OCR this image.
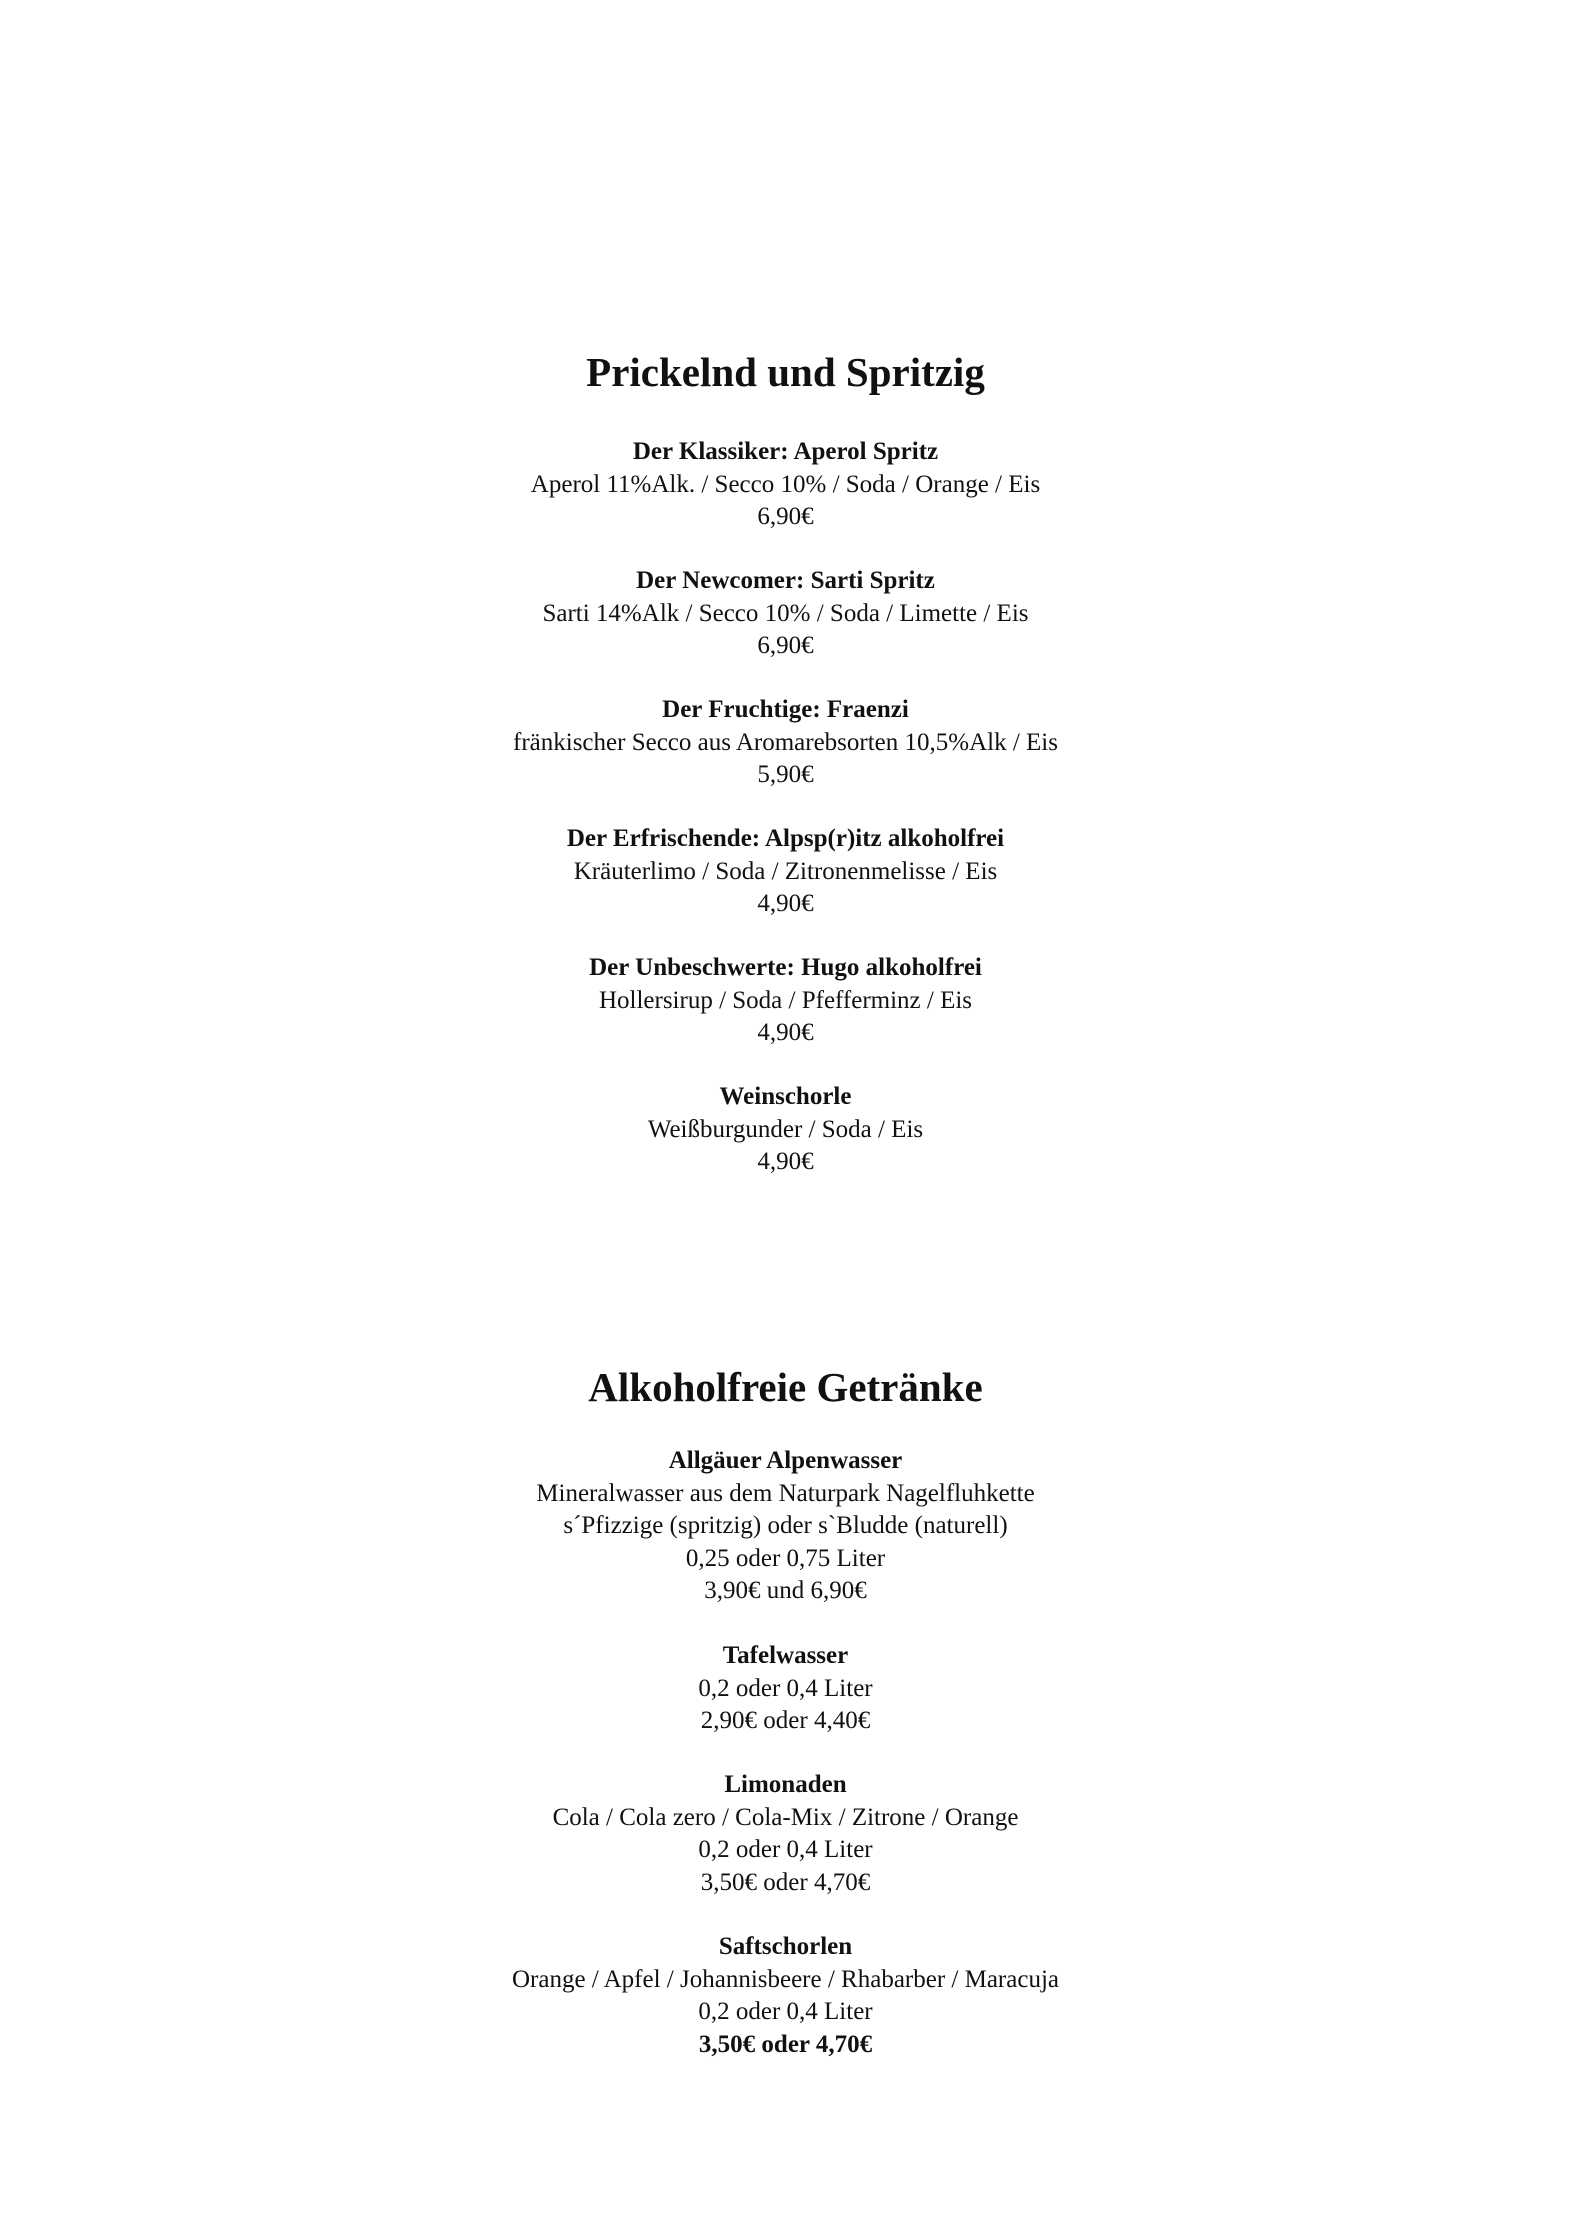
Prickelnd und Spritzig
Der Klassiker: Aperol Spritz
Aperol 11%Alk. / Secco 10% / Soda / Orange / Eis
6,90€
Der Newcomer: Sarti Spritz
Sarti 14%Alk / Secco 10% / Soda / Limette / Eis
6,90€
Der Fruchtige: Fraenzi
fränkischer Secco aus Aromarebsorten 10,5%Alk / Eis
5,90€
Der Erfrischende: Alpsp(r)itz alkoholfrei
Kräuterlimo / Soda / Zitronenmelisse / Eis
4,90€
Der Unbeschwerte: Hugo alkoholfrei
Hollersirup / Soda / Pfefferminz / Eis
4,90€
Weinschorle
Weißburgunder / Soda / Eis
4,90€
Alkoholfreie Getränke
Allgäuer Alpenwasser
Mineralwasser aus dem Naturpark Nagelfluhkette
s´Pfizzige (spritzig) oder s`Bludde (naturell)
0,25 oder 0,75 Liter
3,90€ und 6,90€
Tafelwasser
0,2 oder 0,4 Liter
2,90€ oder 4,40€
Limonaden
Cola / Cola zero / Cola-Mix / Zitrone / Orange
0,2 oder 0,4 Liter
3,50€ oder 4,70€
Saftschorlen
Orange / Apfel / Johannisbeere / Rhabarber / Maracuja
0,2 oder 0,4 Liter
3,50€ oder 4,70€
